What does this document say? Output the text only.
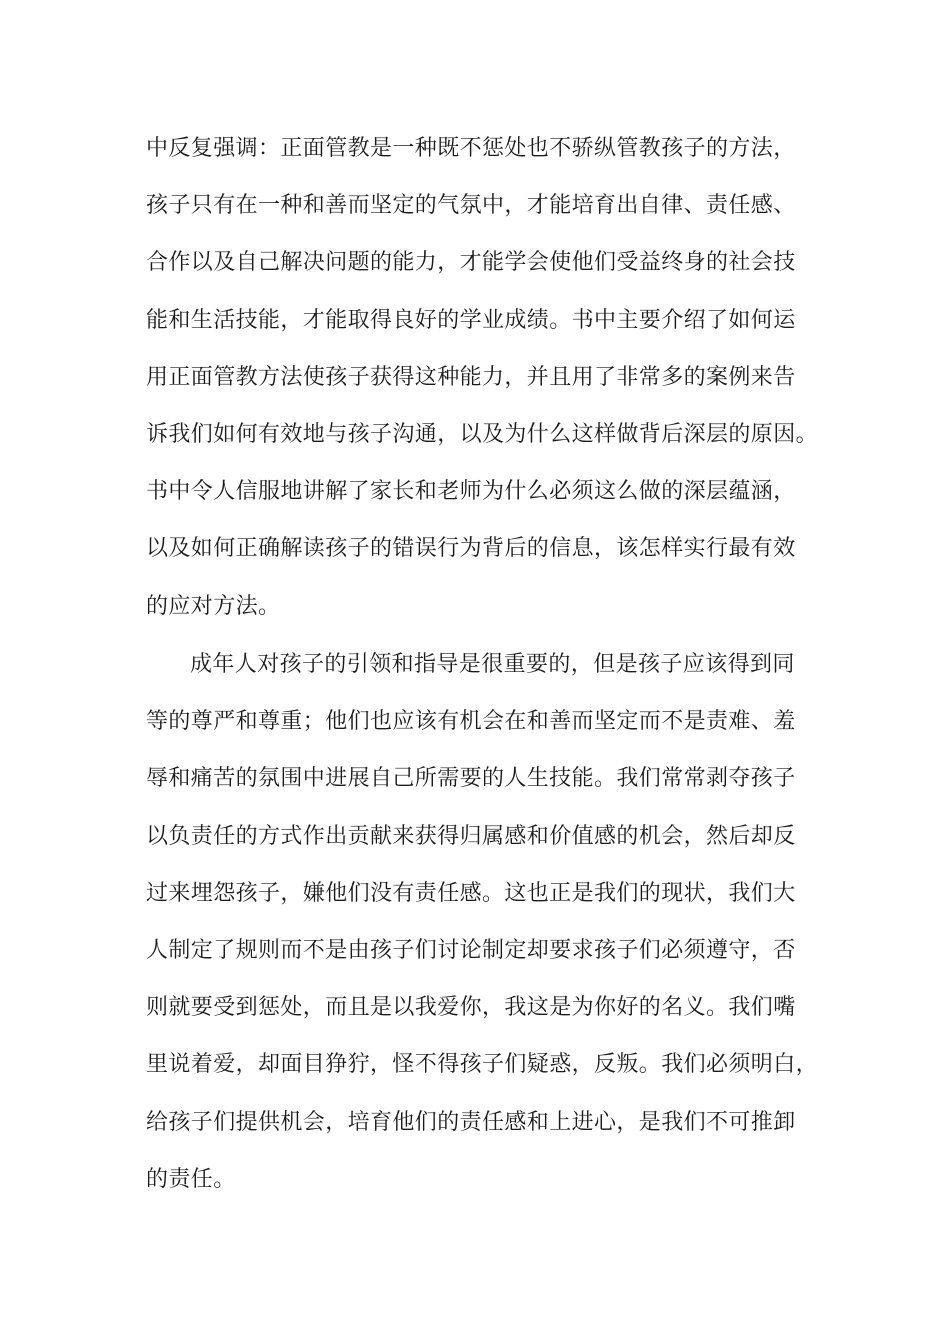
中反复强调：正面管教是一种既不惩处也不骄纵管教孩子的方法，
孩子只有在一种和善而坚定的气氛中，才能培育出自律、责任感、
合作以及自己解决问题的能力，才能学会使他们受益终身的社会技
能和生活技能，才能取得良好的学业成绩。书中主要介绍了如何运
用正面管教方法使孩子获得这种能力，并且用了非常多的案例来告
诉我们如何有效地与孩子沟通，以及为什么这样做背后深层的原因。
书中令人信服地讲解了家长和老师为什么必须这么做的深层蕴涵，
以及如何正确解读孩子的错误行为背后的信息，该怎样实行最有效
的应对方法。
成年人对孩子的引领和指导是很重要的，但是孩子应该得到同
等的尊严和尊重；他们也应该有机会在和善而坚定而不是责难、羞
辱和痛苦的氛围中进展自己所需要的人生技能。我们常常剥夺孩子
以负责任的方式作出贡献来获得归属感和价值感的机会，然后却反
过来埋怨孩子，嫌他们没有责任感。这也正是我们的现状，我们大
人制定了规则而不是由孩子们讨论制定却要求孩子们必须遵守，否
则就要受到惩处，而且是以我爱你，我这是为你好的名义。我们嘴
里说着爱，却面目狰狞，怪不得孩子们疑惑，反叛。我们必须明白，
给孩子们提供机会，培育他们的责任感和上进心，是我们不可推卸
的责任。
